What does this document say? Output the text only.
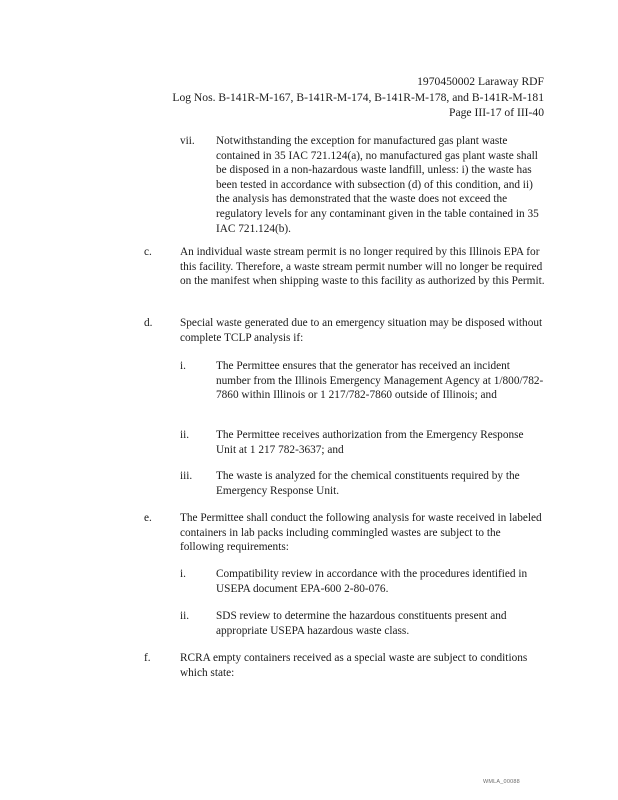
1970450002 Laraway RDF
Log Nos. B-141R-M-167, B-141R-M-174, B-141R-M-178, and B-141R-M-181
Page III-17 of III-40
vii. Notwithstanding the exception for manufactured gas plant waste contained in 35 IAC 721.124(a), no manufactured gas plant waste shall be disposed in a non-hazardous waste landfill, unless: i) the waste has been tested in accordance with subsection (d) of this condition, and ii) the analysis has demonstrated that the waste does not exceed the regulatory levels for any contaminant given in the table contained in 35 IAC 721.124(b).
c. An individual waste stream permit is no longer required by this Illinois EPA for this facility. Therefore, a waste stream permit number will no longer be required on the manifest when shipping waste to this facility as authorized by this Permit.
d. Special waste generated due to an emergency situation may be disposed without complete TCLP analysis if:
i.	The Permittee ensures that the generator has received an incident number from the Illinois Emergency Management Agency at 1/800/782-7860 within Illinois or 1 217/782-7860 outside of Illinois; and
ii. The Permittee receives authorization from the Emergency Response Unit at 1 217 782-3637; and
iii. The waste is analyzed for the chemical constituents required by the Emergency Response Unit.
e. The Permittee shall conduct the following analysis for waste received in labeled containers in lab packs including commingled wastes are subject to the following requirements:
i.	Compatibility review in accordance with the procedures identified in USEPA document EPA-600 2-80-076.
ii. SDS review to determine the hazardous constituents present and appropriate USEPA hazardous waste class.
f.	RCRA empty containers received as a special waste are subject to conditions which state:
WMLA_00088
